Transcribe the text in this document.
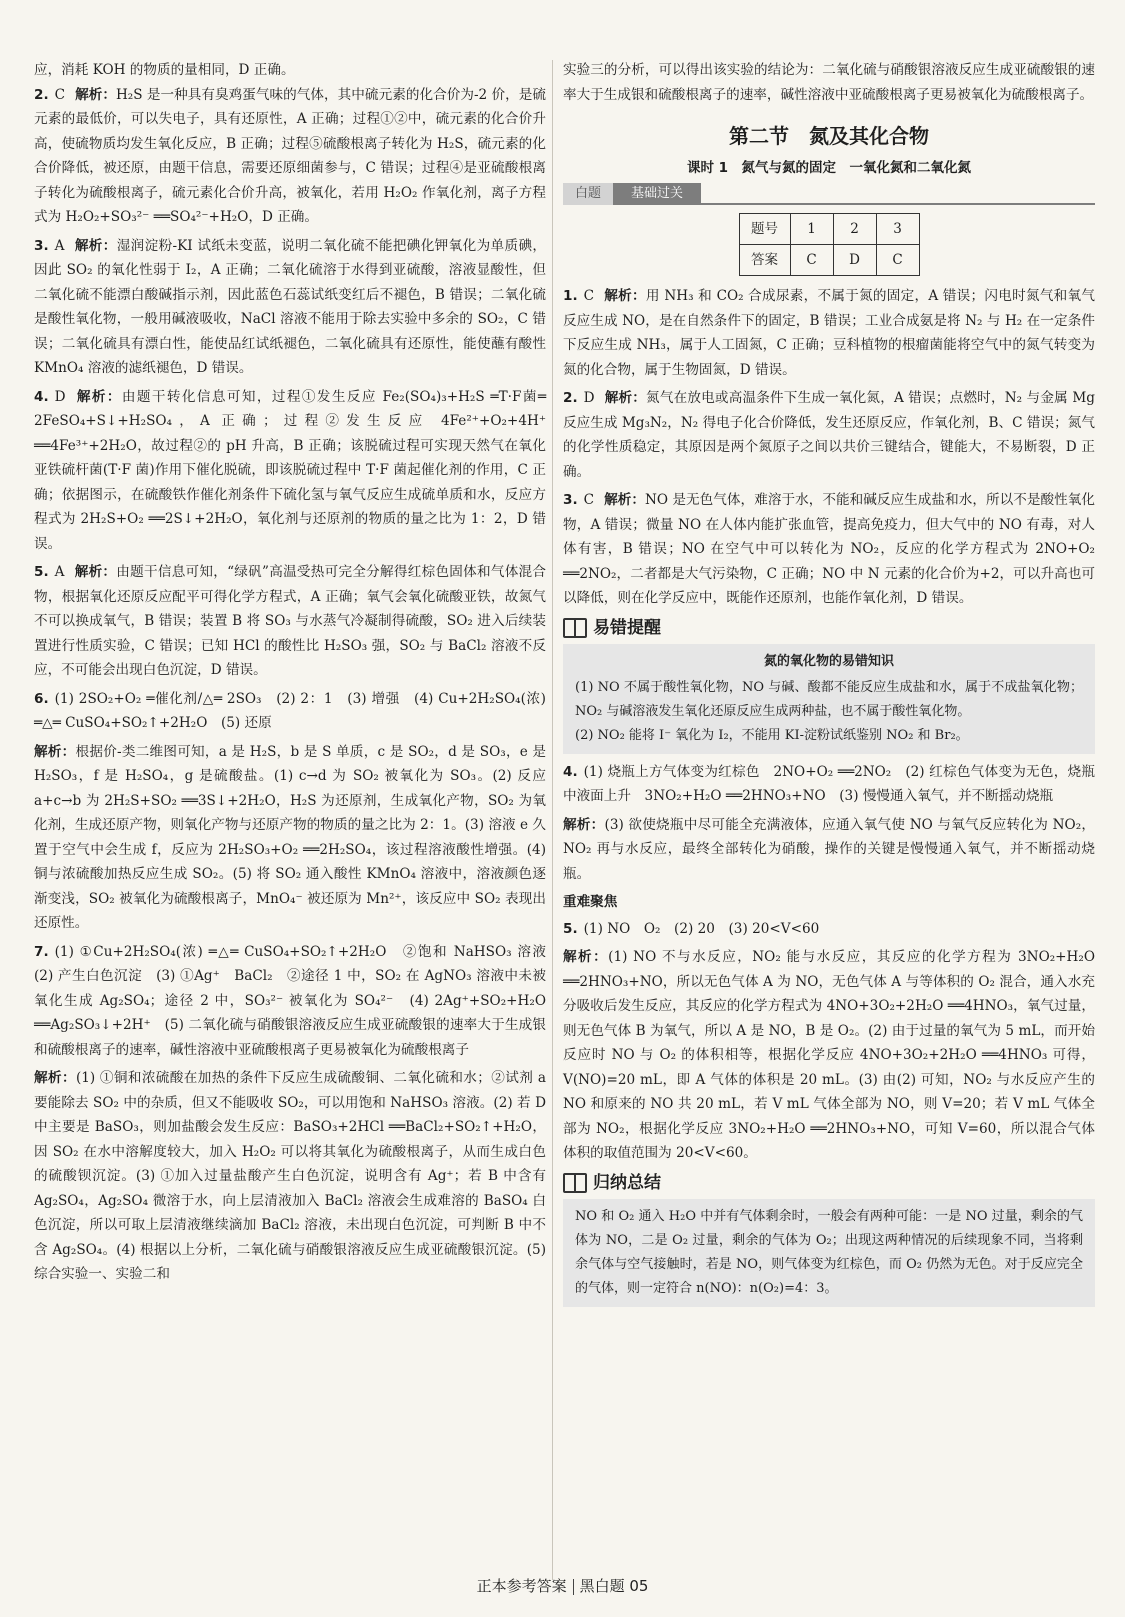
应，消耗 KOH 的物质的量相同，D 正确。

2. C 解析：H₂S 是一种具有臭鸡蛋气味的气体，其中硫元素的化合价为-2 价，是硫元素的最低价，可以失电子，具有还原性，A 正确；过程①②中，硫元素的化合价升高，使硫物质均发生氧化反应，B 正确；过程⑤硫酸根离子转化为 H₂S，硫元素的化合价降低，被还原，由题干信息，需要还原细菌参与，C 错误；过程④是亚硫酸根离子转化为硫酸根离子，硫元素化合价升高，被氧化，若用 H₂O₂ 作氧化剂，离子方程式为 H₂O₂+SO₃²⁻ ══SO₄²⁻+H₂O，D 正确。

3. A 解析：湿润淀粉-KI 试纸未变蓝，说明二氧化硫不能把碘化钾氧化为单质碘，因此 SO₂ 的氧化性弱于 I₂，A 正确；二氧化硫溶于水得到亚硫酸，溶液显酸性，但二氧化硫不能漂白酸碱指示剂，因此蓝色石蕊试纸变红后不褪色，B 错误；二氧化硫是酸性氧化物，一般用碱液吸收，NaCl 溶液不能用于除去实验中多余的 SO₂，C 错误；二氧化硫具有漂白性，能使品红试纸褪色，二氧化硫具有还原性，能使蘸有酸性 KMnO₄ 溶液的滤纸褪色，D 错误。

4. D 解析：由题干转化信息可知，过程①发生反应 Fe₂(SO₄)₃+H₂S ═T·F菌═ 2FeSO₄+S↓+H₂SO₄，A 正确；过程②发生反应 4Fe²⁺+O₂+4H⁺ ══4Fe³⁺+2H₂O，故过程②的 pH 升高，B 正确；该脱硫过程可实现天然气在氧化亚铁硫杆菌(T·F 菌)作用下催化脱硫，即该脱硫过程中 T·F 菌起催化剂的作用，C 正确；依据图示，在硫酸铁作催化剂条件下硫化氢与氧气反应生成硫单质和水，反应方程式为 2H₂S+O₂ ══2S↓+2H₂O，氧化剂与还原剂的物质的量之比为 1：2，D 错误。

5. A 解析：由题干信息可知，“绿矾”高温受热可完全分解得红棕色固体和气体混合物，根据氧化还原反应配平可得化学方程式，A 正确；氧气会氧化硫酸亚铁，故氮气不可以换成氧气，B 错误；装置 B 将 SO₃ 与水蒸气冷凝制得硫酸，SO₂ 进入后续装置进行性质实验，C 错误；已知 HCl 的酸性比 H₂SO₃ 强，SO₂ 与 BaCl₂ 溶液不反应，不可能会出现白色沉淀，D 错误。

6. (1) 2SO₂+O₂ ═催化剂/△═ 2SO₃　(2) 2：1　(3) 增强　(4) Cu+2H₂SO₄(浓) ═△═ CuSO₄+SO₂↑+2H₂O　(5) 还原

解析：根据价-类二维图可知，a 是 H₂S，b 是 S 单质，c 是 SO₂，d 是 SO₃，e 是 H₂SO₃，f 是 H₂SO₄，g 是硫酸盐。(1) c→d 为 SO₂ 被氧化为 SO₃。(2) 反应 a+c→b 为 2H₂S+SO₂ ══3S↓+2H₂O，H₂S 为还原剂，生成氧化产物，SO₂ 为氧化剂，生成还原产物，则氧化产物与还原产物的物质的量之比为 2：1。(3) 溶液 e 久置于空气中会生成 f，反应为 2H₂SO₃+O₂ ══2H₂SO₄，该过程溶液酸性增强。(4) 铜与浓硫酸加热反应生成 SO₂。(5) 将 SO₂ 通入酸性 KMnO₄ 溶液中，溶液颜色逐渐变浅，SO₂ 被氧化为硫酸根离子，MnO₄⁻ 被还原为 Mn²⁺，该反应中 SO₂ 表现出还原性。

7. (1) ①Cu+2H₂SO₄(浓) ═△═ CuSO₄+SO₂↑+2H₂O　②饱和 NaHSO₃ 溶液　(2) 产生白色沉淀　(3) ①Ag⁺　BaCl₂　②途径 1 中，SO₂ 在 AgNO₃ 溶液中未被氧化生成 Ag₂SO₄；途径 2 中，SO₃²⁻ 被氧化为 SO₄²⁻　(4) 2Ag⁺+SO₂+H₂O ══Ag₂SO₃↓+2H⁺　(5) 二氧化硫与硝酸银溶液反应生成亚硫酸银的速率大于生成银和硫酸根离子的速率，碱性溶液中亚硫酸根离子更易被氧化为硫酸根离子

解析：(1) ①铜和浓硫酸在加热的条件下反应生成硫酸铜、二氧化硫和水；②试剂 a 要能除去 SO₂ 中的杂质，但又不能吸收 SO₂，可以用饱和 NaHSO₃ 溶液。(2) 若 D 中主要是 BaSO₃，则加盐酸会发生反应：BaSO₃+2HCl ══BaCl₂+SO₂↑+H₂O，因 SO₂ 在水中溶解度较大，加入 H₂O₂ 可以将其氧化为硫酸根离子，从而生成白色的硫酸钡沉淀。(3) ①加入过量盐酸产生白色沉淀，说明含有 Ag⁺；若 B 中含有 Ag₂SO₄，Ag₂SO₄ 微溶于水，向上层清液加入 BaCl₂ 溶液会生成难溶的 BaSO₄ 白色沉淀，所以可取上层清液继续滴加 BaCl₂ 溶液，未出现白色沉淀，可判断 B 中不含 Ag₂SO₄。(4) 根据以上分析，二氧化硫与硝酸银溶液反应生成亚硫酸银沉淀。(5) 综合实验一、实验二和

实验三的分析，可以得出该实验的结论为：二氧化硫与硝酸银溶液反应生成亚硫酸银的速率大于生成银和硫酸根离子的速率，碱性溶液中亚硫酸根离子更易被氧化为硫酸根离子。

第二节　氮及其化合物
课时 1　氮气与氮的固定　一氧化氮和二氧化氮
白题	基础过关
题号	1	2	3
答案	C	D	C

1. C 解析：用 NH₃ 和 CO₂ 合成尿素，不属于氮的固定，A 错误；闪电时氮气和氧气反应生成 NO，是在自然条件下的固定，B 错误；工业合成氨是将 N₂ 与 H₂ 在一定条件下反应生成 NH₃，属于人工固氮，C 正确；豆科植物的根瘤菌能将空气中的氮气转变为氮的化合物，属于生物固氮，D 错误。

2. D 解析：氮气在放电或高温条件下生成一氧化氮，A 错误；点燃时，N₂ 与金属 Mg 反应生成 Mg₃N₂，N₂ 得电子化合价降低，发生还原反应，作氧化剂，B、C 错误；氮气的化学性质稳定，其原因是两个氮原子之间以共价三键结合，键能大，不易断裂，D 正确。

3. C 解析：NO 是无色气体，难溶于水，不能和碱反应生成盐和水，所以不是酸性氧化物，A 错误；微量 NO 在人体内能扩张血管，提高免疫力，但大气中的 NO 有毒，对人体有害，B 错误；NO 在空气中可以转化为 NO₂，反应的化学方程式为 2NO+O₂ ══2NO₂，二者都是大气污染物，C 正确；NO 中 N 元素的化合价为+2，可以升高也可以降低，则在化学反应中，既能作还原剂，也能作氧化剂，D 错误。

易错提醒
氮的氧化物的易错知识

(1) NO 不属于酸性氧化物，NO 与碱、酸都不能反应生成盐和水，属于不成盐氧化物；NO₂ 与碱溶液发生氧化还原反应生成两种盐，也不属于酸性氧化物。

(2) NO₂ 能将 I⁻ 氧化为 I₂，不能用 KI-淀粉试纸鉴别 NO₂ 和 Br₂。

4. (1) 烧瓶上方气体变为红棕色　2NO+O₂ ══2NO₂　(2) 红棕色气体变为无色，烧瓶中液面上升　3NO₂+H₂O ══2HNO₃+NO　(3) 慢慢通入氧气，并不断摇动烧瓶

解析：(3) 欲使烧瓶中尽可能全充满液体，应通入氧气使 NO 与氧气反应转化为 NO₂，NO₂ 再与水反应，最终全部转化为硝酸，操作的关键是慢慢通入氧气，并不断摇动烧瓶。

重难聚焦

5. (1) NO　O₂　(2) 20　(3) 20<V<60

解析：(1) NO 不与水反应，NO₂ 能与水反应，其反应的化学方程为 3NO₂+H₂O ══2HNO₃+NO，所以无色气体 A 为 NO，无色气体 A 与等体积的 O₂ 混合，通入水充分吸收后发生反应，其反应的化学方程式为 4NO+3O₂+2H₂O ══4HNO₃，氧气过量，则无色气体 B 为氧气，所以 A 是 NO，B 是 O₂。(2) 由于过量的氧气为 5 mL，而开始反应时 NO 与 O₂ 的体积相等，根据化学反应 4NO+3O₂+2H₂O ══4HNO₃ 可得，V(NO)=20 mL，即 A 气体的体积是 20 mL。(3) 由(2) 可知，NO₂ 与水反应产生的 NO 和原来的 NO 共 20 mL，若 V mL 气体全部为 NO，则 V=20；若 V mL 气体全部为 NO₂，根据化学反应 3NO₂+H₂O ══2HNO₃+NO，可知 V=60，所以混合气体体积的取值范围为 20<V<60。

归纳总结

NO 和 O₂ 通入 H₂O 中并有气体剩余时，一般会有两种可能：一是 NO 过量，剩余的气体为 NO，二是 O₂ 过量，剩余的气体为 O₂；出现这两种情况的后续现象不同，当将剩余气体与空气接触时，若是 NO，则气体变为红棕色，而 O₂ 仍然为无色。对于反应完全的气体，则一定符合 n(NO)：n(O₂)=4：3。

正本参考答案 黑白题 05
